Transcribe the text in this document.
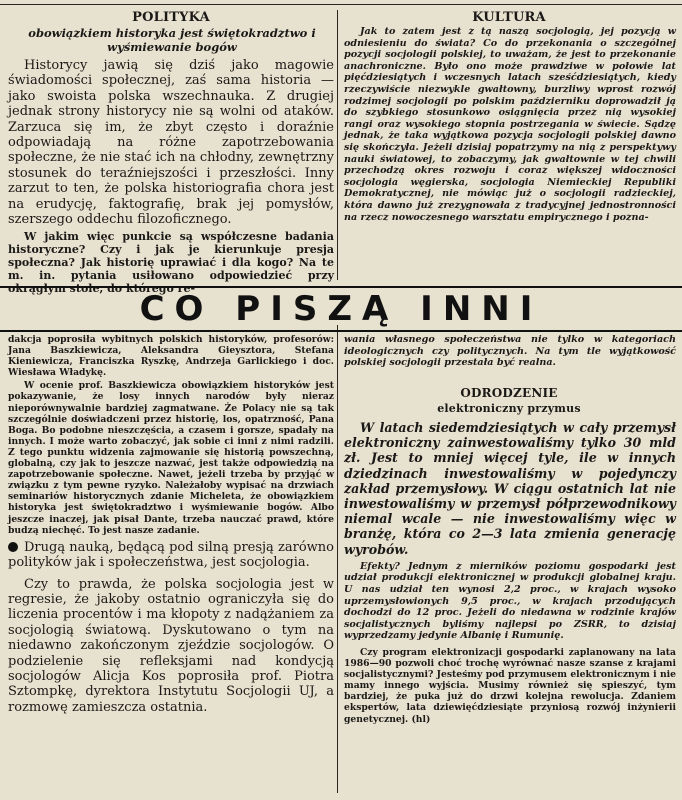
POLITYKA
obowiązkiem historyka jest świętokradztwo i wyśmiewanie bogów

Historycy jawią się dziś jako magowie świadomości społecznej, zaś sama historia — jako swoista polska wszechnauka. Z drugiej jednak strony historycy nie są wolni od ataków. Zarzuca się im, że zbyt często i doraźnie odpowiadają na różne zapotrzebowania społeczne, że nie stać ich na chłodny, zewnętrzny stosunek do teraźniejszości i przeszłości. Inny zarzut to ten, że polska historiografia chora jest na erudycję, faktografię, brak jej pomysłów, szerszego oddechu filozoficznego.

W jakim więc punkcie są współczesne badania historyczne? Czy i jak je kierunkuje presja społeczna? Jak historię uprawiać i dla kogo? Na te m. in. pytania usiłowano odpowiedzieć przy okrągłym stole, do którego re-

KULTURA

Jak to zatem jest z tą naszą socjologią, jej pozycją w odniesieniu do świata? Co do przekonania o szczególnej pozycji socjologii polskiej, to uważam, że jest to przekonanie anachroniczne. Było ono może prawdziwe w połowie lat pięćdziesiątych i wczesnych latach sześćdziesiątych, kiedy rzeczywiście niezwykle gwałtowny, burzliwy wprost rozwój rodzimej socjologii po polskim październiku doprowadził ją do szybkiego stosunkowo osiągnięcia przez nią wysokiej rangi oraz wysokiego stopnia postrzegania w świecie. Sądzę jednak, że taka wyjątkowa pozycja socjologii polskiej dawno się skończyła. Jeżeli dzisiaj popatrzymy na nią z perspektywy nauki światowej, to zobaczymy, jak gwałtownie w tej chwili przechodzą okres rozwoju i coraz większej widoczności socjologia węgierska, socjologia Niemieckiej Republiki Demokratycznej, nie mówiąc już o socjologii radzieckiej, która dawno już zrezygnowała z tradycyjnej jednostronności na rzecz nowoczesnego warsztatu empirycznego i pozna-

CO PISZĄ INNI

dakcja poprosiła wybitnych polskich historyków, profesorów: Jana Baszkiewicza, Aleksandra Gieysztora, Stefana Kieniewicza, Franciszka Ryszkę, Andrzeja Garlickiego i doc. Wiesława Władykę.

W ocenie prof. Baszkiewicza obowiązkiem historyków jest pokazywanie, że losy innych narodów były nieraz nieporównywalnie bardziej zagmatwane. Że Polacy nie są tak szczególnie doświadczeni przez historię, los, opatrzność, Pana Boga. Bo podobne nieszczęścia, a czasem i gorsze, spadały na innych. I może warto zobaczyć, jak sobie ci inni z nimi radzili. Z tego punktu widzenia zajmowanie się historią powszechną, globalną, czy jak to jeszcze nazwać, jest także odpowiedzią na zapotrzebowanie społeczne. Nawet, jeżeli trzeba by przyjąć w związku z tym pewne ryzyko. Należałoby wypisać na drzwiach seminariów historycznych zdanie Micheleta, że obowiązkiem historyka jest świętokradztwo i wyśmiewanie bogów. Albo jeszcze inaczej, jak pisał Dante, trzeba nauczać prawd, które budzą niechęć. To jest nasze zadanie.

Drugą nauką, będącą pod silną presją zarówno polityków jak i społeczeństwa, jest socjologia.

Czy to prawda, że polska socjologia jest w regresie, że jakoby ostatnio ograniczyła się do liczenia procentów i ma kłopoty z nadążaniem za socjologią światową. Dyskutowano o tym na niedawno zakończonym zjeździe socjologów. O podzielenie się refleksjami nad kondycją socjologów Alicja Kos poprosiła prof. Piotra Sztompkę, dyrektora Instytutu Socjologii UJ, a rozmowę zamieszcza ostatnia.

wania własnego społeczeństwa nie tylko w kategoriach ideologicznych czy politycznych. Na tym tle wyjątkowość polskiej socjologii przestała być realna.

ODRODZENIE
elektroniczny przymus

W latach siedemdziesiątych w cały przemysł elektroniczny zainwestowaliśmy tylko 30 mld zł. Jest to mniej więcej tyle, ile w innych dziedzinach inwestowaliśmy w pojedynczy zakład przemysłowy. W ciągu ostatnich lat nie inwestowaliśmy w przemysł półprzewodnikowy niemal wcale — nie inwestowaliśmy więc w branżę, która co 2—3 lata zmienia generację wyrobów.

Efekty? Jednym z mierników poziomu gospodarki jest udział produkcji elektronicznej w produkcji globalnej kraju. U nas udział ten wynosi 2,2 proc., w krajach wysoko uprzemysłowionych 9,5 proc., w krajach przodujących dochodzi do 12 proc. Jeżeli do niedawna w rodzinie krajów socjalistycznych byliśmy najlepsi po ZSRR, to dzisiaj wyprzedzamy jedynie Albanię i Rumunię.

Czy program elektronizacji gospodarki zaplanowany na lata 1986—90 pozwoli choć trochę wyrównać nasze szanse z krajami socjalistycznymi? Jesteśmy pod przymusem elektronicznym i nie mamy innego wyjścia. Musimy również się spieszyć, tym bardziej, że puka już do drzwi kolejna rewolucja. Zdaniem ekspertów, lata dziewięćdziesiąte przyniosą rozwój inżynierii genetycznej. (hl)
